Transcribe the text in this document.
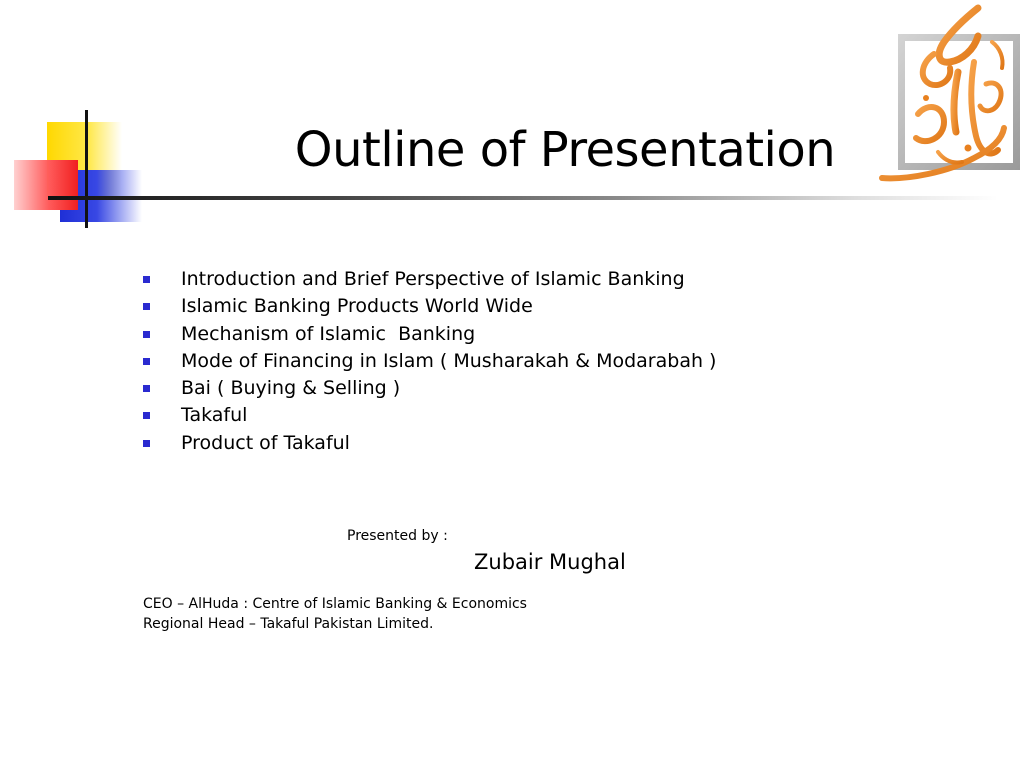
Outline of Presentation
Introduction and Brief Perspective of Islamic Banking
Islamic Banking Products World Wide
Mechanism of Islamic  Banking
Mode of Financing in Islam ( Musharakah & Modarabah )
Bai ( Buying & Selling )
Takaful
Product of Takaful
Presented by :
Zubair Mughal
CEO – AlHuda : Centre of Islamic Banking & Economics
Regional Head – Takaful Pakistan Limited.
